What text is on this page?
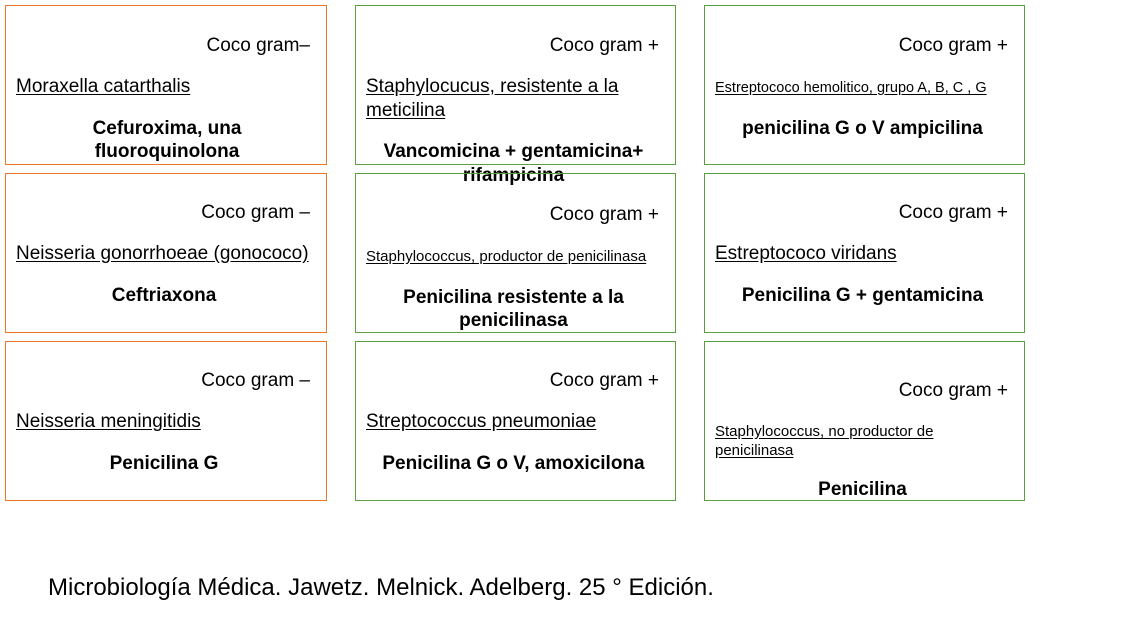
Coco gram–
Moraxella catarthalis
Cefuroxima, una fluoroquinolona
Coco gram +
Staphylocucus, resistente a la meticilina
Vancomicina + gentamicina+ rifampicina
Coco gram +
Estreptococo hemolitico, grupo A, B, C , G
penicilina G o V ampicilina
Coco gram –
Neisseria gonorrhoeae (gonococo)
Ceftriaxona
Coco gram +
Staphylococcus, productor de penicilinasa
Penicilina resistente a la penicilinasa
Coco gram +
Estreptococo viridans
Penicilina G + gentamicina
Coco gram –
Neisseria meningitidis
Penicilina G
Coco gram +
Streptococcus pneumoniae
Penicilina G o V, amoxicilona
Coco gram +
Staphylococcus, no productor de penicilinasa
Penicilina
Microbiología Médica. Jawetz. Melnick. Adelberg. 25 ° Edición.
